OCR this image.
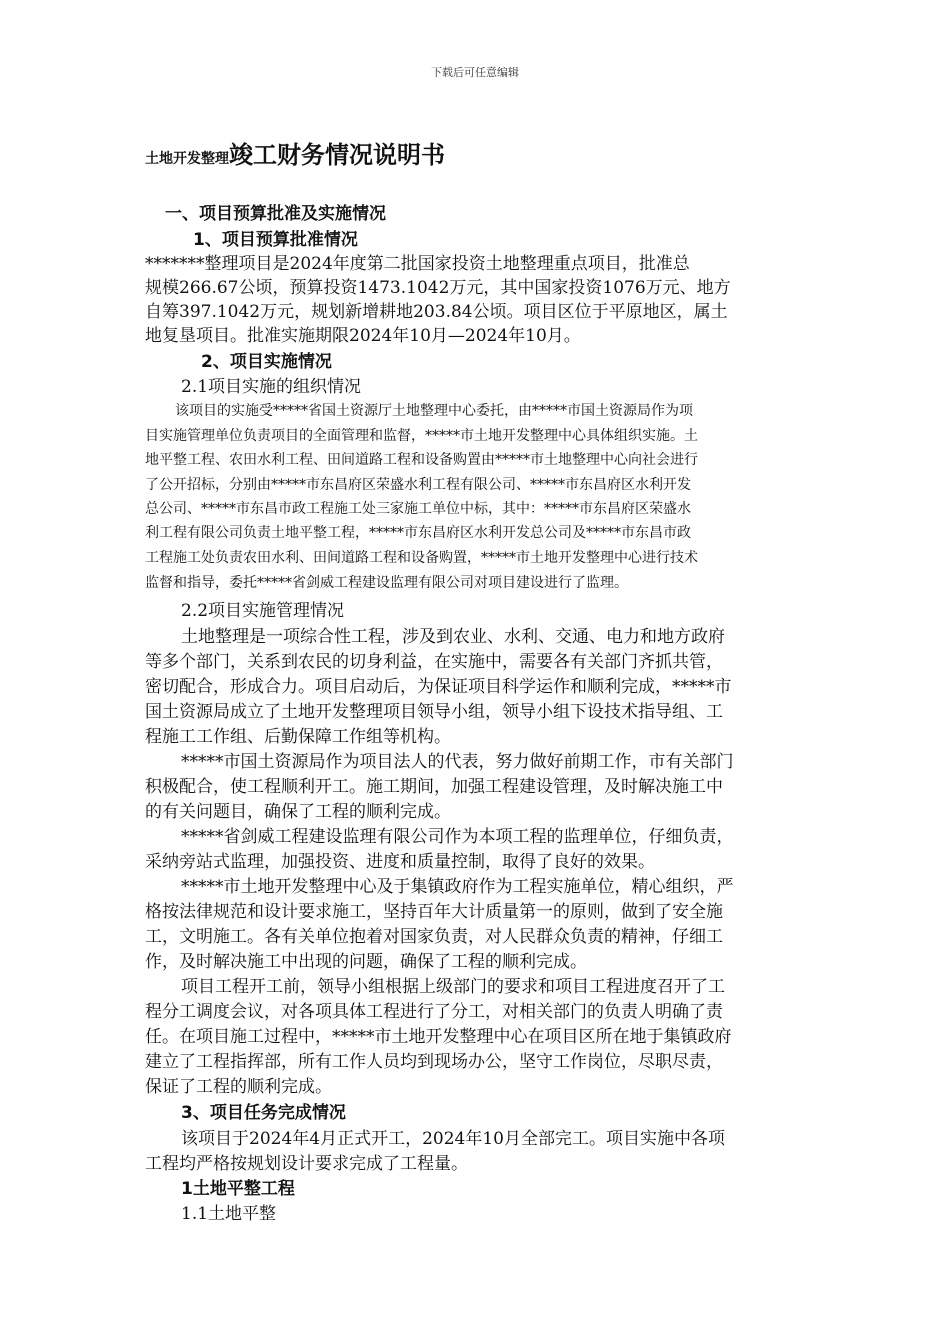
下载后可任意编辑
土地开发整理竣工财务情况说明书
一、项目预算批准及实施情况
1、项目预算批准情况
*******整理项目是2024年度第二批国家投资土地整理重点项目，批准总
规模266.67公顷，预算投资1473.1042万元，其中国家投资1076万元、地方
自筹397.1042万元，规划新增耕地203.84公顷。项目区位于平原地区，属土
地复垦项目。批准实施期限2024年10月—2024年10月。
2、项目实施情况
2.1项目实施的组织情况
该项目的实施受*****省国土资源厅土地整理中心委托，由*****市国土资源局作为项
目实施管理单位负责项目的全面管理和监督，*****市土地开发整理中心具体组织实施。土
地平整工程、农田水利工程、田间道路工程和设备购置由*****市土地整理中心向社会进行
了公开招标，分别由*****市东昌府区荣盛水利工程有限公司、*****市东昌府区水利开发
总公司、*****市东昌市政工程施工处三家施工单位中标，其中：*****市东昌府区荣盛水
利工程有限公司负责土地平整工程，*****市东昌府区水利开发总公司及*****市东昌市政
工程施工处负责农田水利、田间道路工程和设备购置，*****市土地开发整理中心进行技术
监督和指导，委托*****省剑威工程建设监理有限公司对项目建设进行了监理。
2.2项目实施管理情况
土地整理是一项综合性工程，涉及到农业、水利、交通、电力和地方政府
等多个部门，关系到农民的切身利益，在实施中，需要各有关部门齐抓共管，
密切配合，形成合力。项目启动后，为保证项目科学运作和顺利完成，*****市
国土资源局成立了土地开发整理项目领导小组，领导小组下设技术指导组、工
程施工工作组、后勤保障工作组等机构。
*****市国土资源局作为项目法人的代表，努力做好前期工作，市有关部门
积极配合，使工程顺利开工。施工期间，加强工程建设管理，及时解决施工中
的有关问题目，确保了工程的顺利完成。
*****省剑威工程建设监理有限公司作为本项工程的监理单位，仔细负责，
采纳旁站式监理，加强投资、进度和质量控制，取得了良好的效果。
*****市土地开发整理中心及于集镇政府作为工程实施单位，精心组织，严
格按法律规范和设计要求施工，坚持百年大计质量第一的原则，做到了安全施
工，文明施工。各有关单位抱着对国家负责，对人民群众负责的精神，仔细工
作，及时解决施工中出现的问题，确保了工程的顺利完成。
项目工程开工前，领导小组根据上级部门的要求和项目工程进度召开了工
程分工调度会议，对各项具体工程进行了分工，对相关部门的负责人明确了责
任。在项目施工过程中，*****市土地开发整理中心在项目区所在地于集镇政府
建立了工程指挥部，所有工作人员均到现场办公，坚守工作岗位，尽职尽责，
保证了工程的顺利完成。
3、项目任务完成情况
该项目于2024年4月正式开工，2024年10月全部完工。项目实施中各项
工程均严格按规划设计要求完成了工程量。
1土地平整工程
1.1土地平整
